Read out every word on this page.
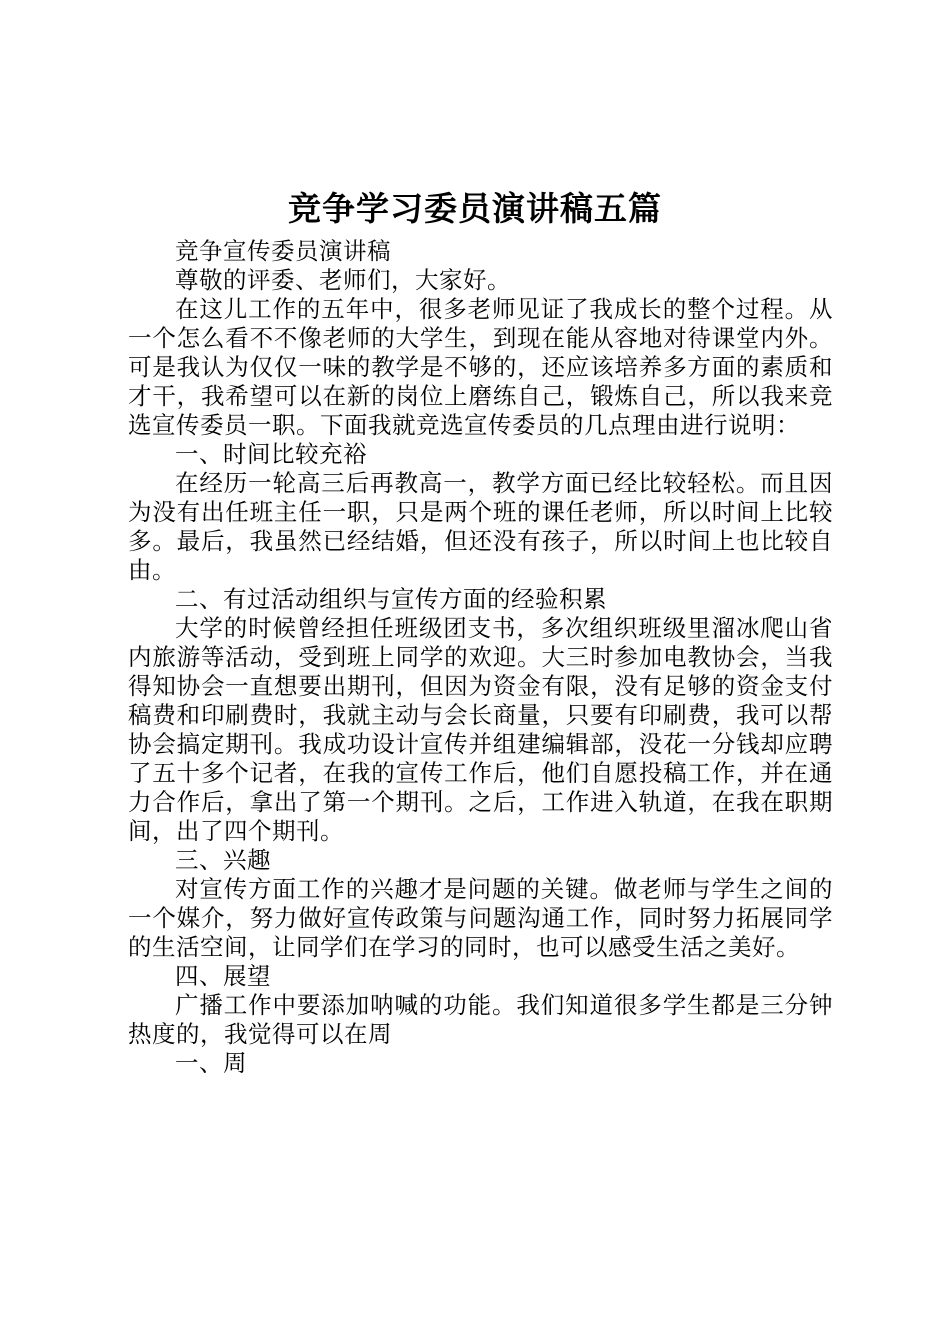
竞争学习委员演讲稿五篇

竞争宣传委员演讲稿

尊敬的评委、老师们，大家好。

在这儿工作的五年中，很多老师见证了我成长的整个过程。从一个怎么看不不像老师的大学生，到现在能从容地对待课堂内外。可是我认为仅仅一味的教学是不够的，还应该培养多方面的素质和才干，我希望可以在新的岗位上磨练自己，锻炼自己，所以我来竞选宣传委员一职。下面我就竞选宣传委员的几点理由进行说明：

一、时间比较充裕

在经历一轮高三后再教高一，教学方面已经比较轻松。而且因为没有出任班主任一职，只是两个班的课任老师，所以时间上比较多。最后，我虽然已经结婚，但还没有孩子，所以时间上也比较自由。

二、有过活动组织与宣传方面的经验积累

大学的时候曾经担任班级团支书，多次组织班级里溜冰爬山省内旅游等活动，受到班上同学的欢迎。大三时参加电教协会，当我得知协会一直想要出期刊，但因为资金有限，没有足够的资金支付稿费和印刷费时，我就主动与会长商量，只要有印刷费，我可以帮协会搞定期刊。我成功设计宣传并组建编辑部，没花一分钱却应聘了五十多个记者，在我的宣传工作后，他们自愿投稿工作，并在通力合作后，拿出了第一个期刊。之后，工作进入轨道，在我在职期间，出了四个期刊。

三、兴趣

对宣传方面工作的兴趣才是问题的关键。做老师与学生之间的一个媒介，努力做好宣传政策与问题沟通工作，同时努力拓展同学的生活空间，让同学们在学习的同时，也可以感受生活之美好。

四、展望

广播工作中要添加呐喊的功能。我们知道很多学生都是三分钟热度的，我觉得可以在周

一、周
